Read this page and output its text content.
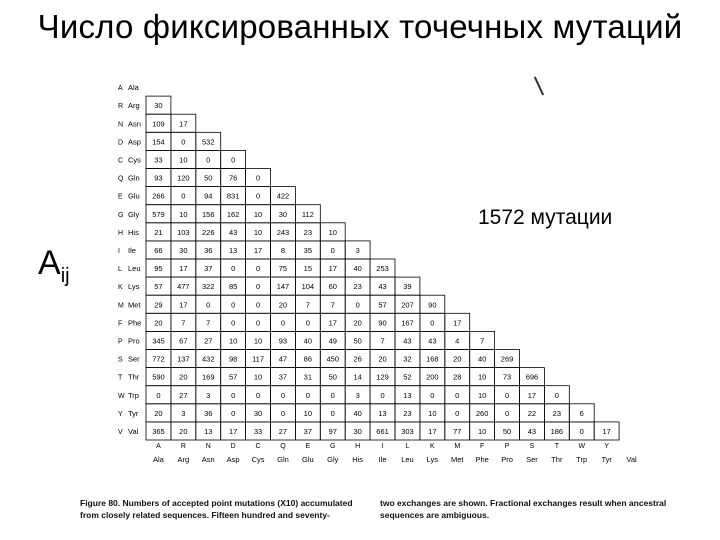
Число фиксированных точечных мутаций
$A_{ij}$
1572 мутации
A Ala
R Arg 30
N Asn 109 17
D Asp 154 0 532
C Cys 33 10 0	0
Q Gln 93 120 50 76 0
E Glu 266 0 94 831 0 422
G Gly 579 10 156 162 10 30 112
H His 21 103 226 43 10 243 23 10
I Ile 66 30 36 13 17 8 35 0	3
L Leu 95 17 37 0	0 75 15 17 40 253
K Lys 57 477 322 85 0 147 104 60 23 43 39
M Met 29 17 0	0	0 20 7	7	0 57 207 90
F Phe 20 7	7	0	0	0	0 17 20 90 167 0 17
P Pro 345 67 27 10 10 93 40 49 50 7 43 43 4	7
S Ser 772 137 432 98 117 47 86 450 26 20 32 168 20 40 269
T Thr 590 20 169 57 10 37 31 50 14 129 52 200 28 10 73 696
W Trp 0 27 3	0	0	0	0	0	3	0 13 0	0 10 0 17 0
Y Tyr 20 3 36 0 30 0 10 0 40 13 23 10 0 260 0 22 23 6
V Val 365 20 13 17 33 27 37 97 30 661 303 17 77 10 50 43 186 0 17
A	R	N	D	C	Q	E	G	H	I	L	K	M	F	P	S	T	W	Y
Ala Arg Asn Asp Cys Gln Glu Gly His Ile Leu Lys Met Phe Pro Ser Thr Trp Tyr Val
Figure 80. Numbers of accepted point mutations (X10) accumulated from closely related sequences. Fifteen hundred and seventy-
two exchanges are shown. Fractional exchanges result when ancestral sequences are ambiguous.
